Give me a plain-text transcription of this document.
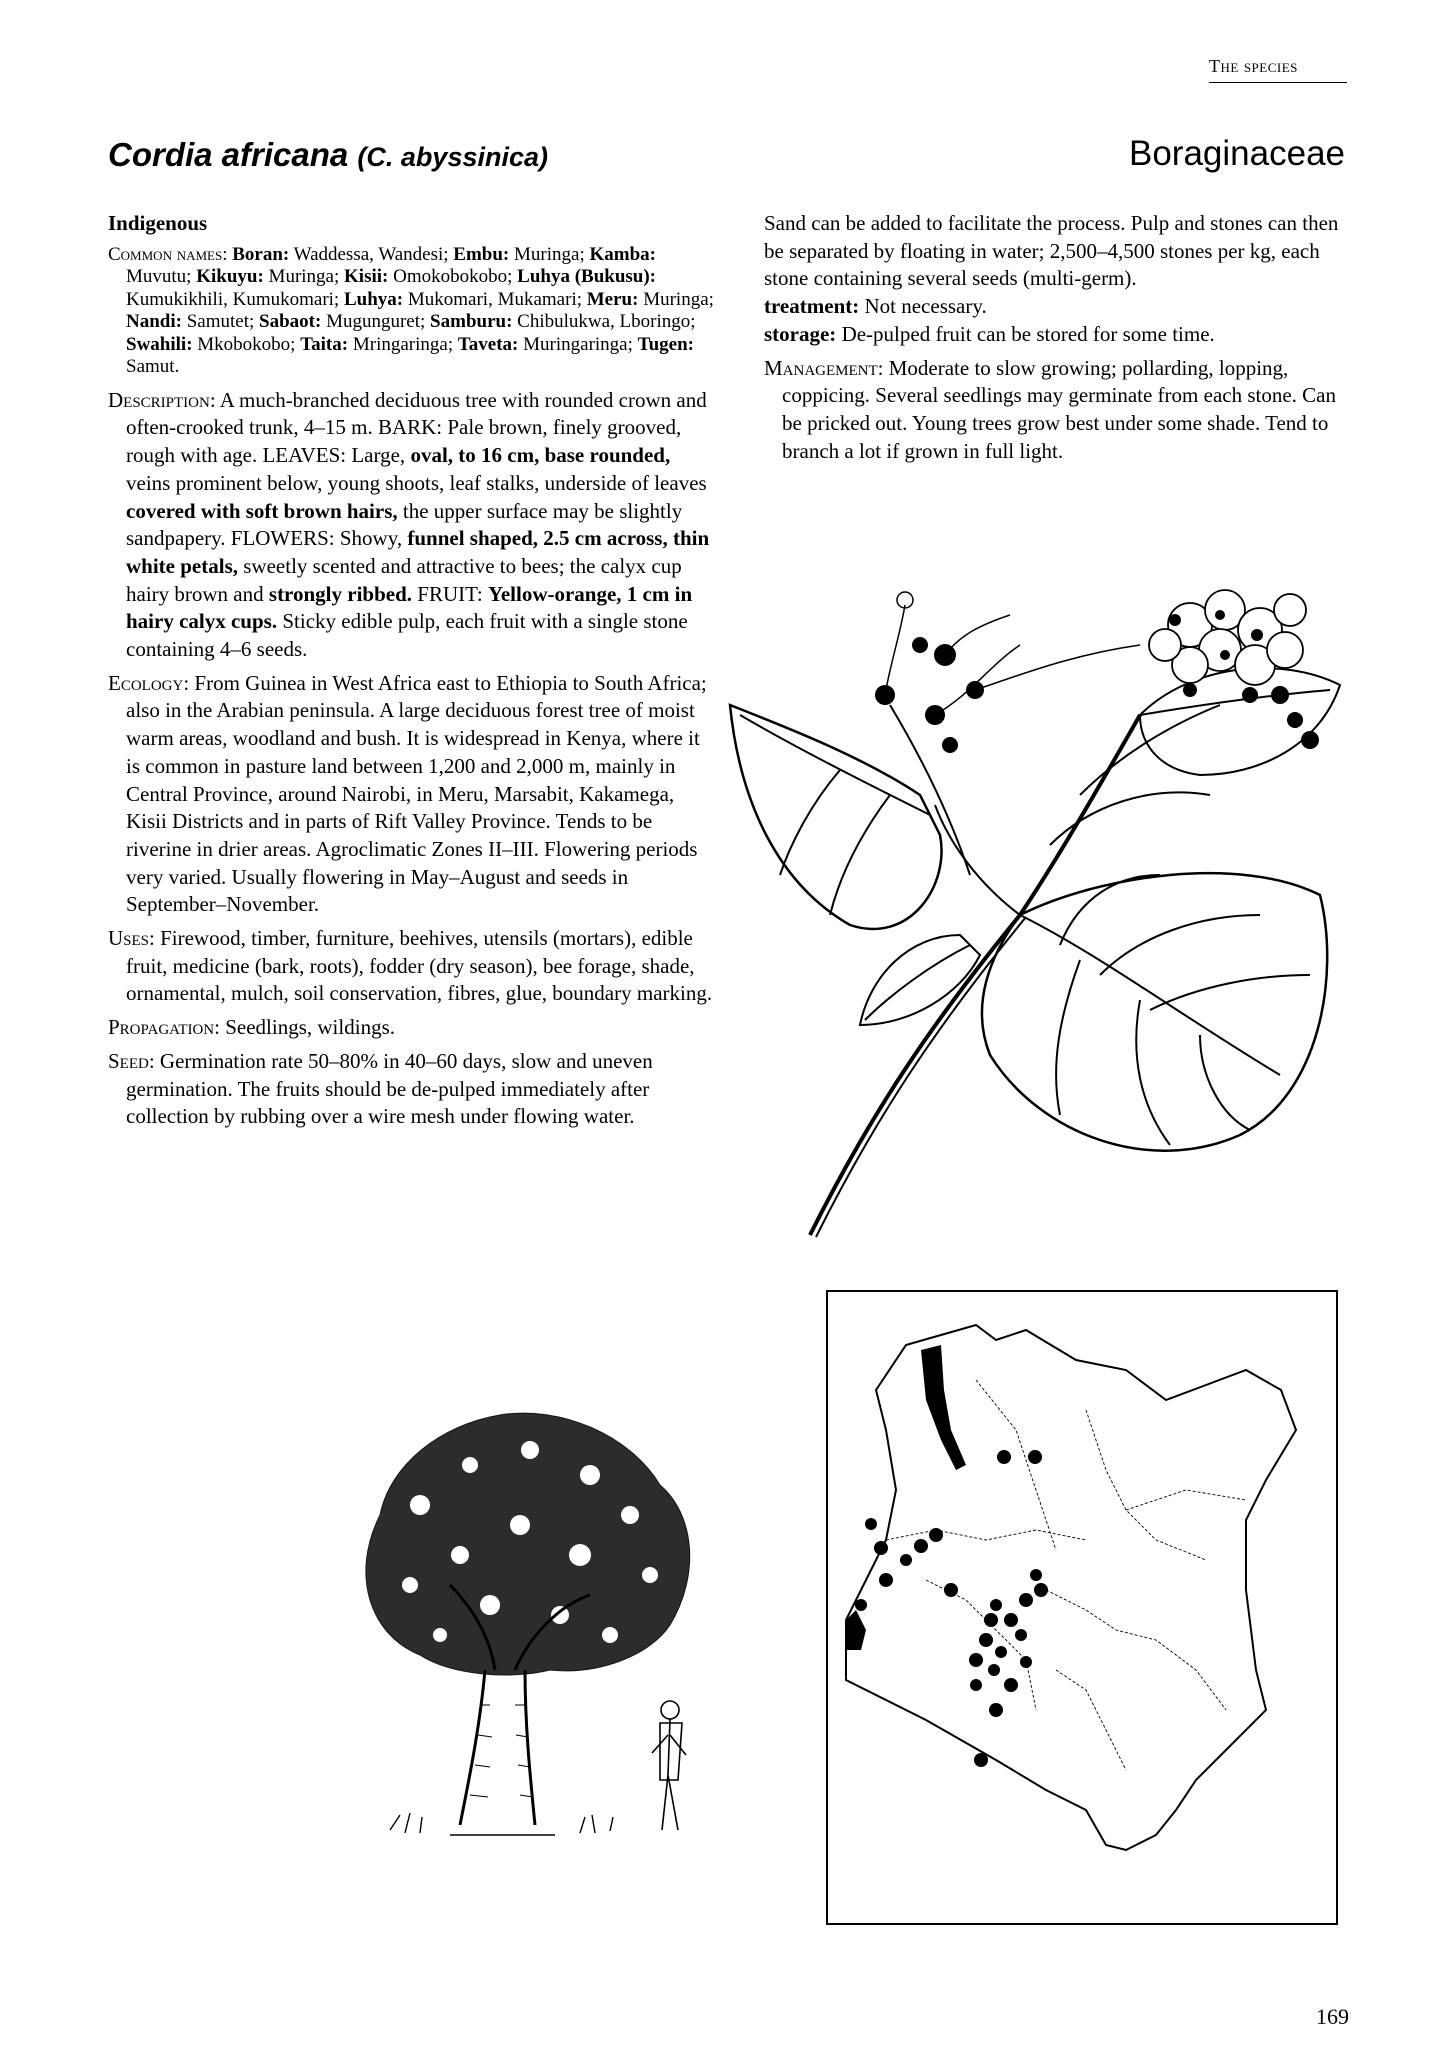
The species
Cordia africana (C. abyssinica)	Boraginaceae

Indigenous

Common names: Boran: Waddessa, Wandesi; Embu: Muringa; Kamba: Muvutu; Kikuyu: Muringa; Kisii: Omokobokobo; Luhya (Bukusu): Kumukikhili, Kumukomari; Luhya: Mukomari, Mukamari; Meru: Muringa; Nandi: Samutet; Sabaot: Mugunguret; Samburu: Chibulukwa, Lboringo; Swahili: Mkobokobo; Taita: Mringaringa; Taveta: Muringaringa; Tugen: Samut.

Description: A much-branched deciduous tree with rounded crown and often-crooked trunk, 4–15 m. BARK: Pale brown, finely grooved, rough with age. LEAVES: Large, oval, to 16 cm, base rounded, veins prominent below, young shoots, leaf stalks, underside of leaves covered with soft brown hairs, the upper surface may be slightly sandpapery. FLOWERS: Showy, funnel shaped, 2.5 cm across, thin white petals, sweetly scented and attractive to bees; the calyx cup hairy brown and strongly ribbed. FRUIT: Yellow-orange, 1 cm in hairy calyx cups. Sticky edible pulp, each fruit with a single stone containing 4–6 seeds.

Ecology: From Guinea in West Africa east to Ethiopia to South Africa; also in the Arabian peninsula. A large deciduous forest tree of moist warm areas, woodland and bush. It is widespread in Kenya, where it is common in pasture land between 1,200 and 2,000 m, mainly in Central Province, around Nairobi, in Meru, Marsabit, Kakamega, Kisii Districts and in parts of Rift Valley Province. Tends to be riverine in drier areas. Agroclimatic Zones II–III. Flowering periods very varied. Usually flowering in May–August and seeds in September–November.

Uses: Firewood, timber, furniture, beehives, utensils (mortars), edible fruit, medicine (bark, roots), fodder (dry season), bee forage, shade, ornamental, mulch, soil conservation, fibres, glue, boundary marking.

Propagation: Seedlings, wildings.

Seed: Germination rate 50–80% in 40–60 days, slow and uneven germination. The fruits should be de-pulped immediately after collection by rubbing over a wire mesh under flowing water.

Sand can be added to facilitate the process. Pulp and stones can then be separated by floating in water; 2,500–4,500 stones per kg, each stone containing several seeds (multi-germ).

treatment: Not necessary.

storage: De-pulped fruit can be stored for some time.

Management: Moderate to slow growing; pollarding, lopping, coppicing. Several seedlings may germinate from each stone. Can be pricked out. Young trees grow best under some shade. Tend to branch a lot if grown in full light.

169
